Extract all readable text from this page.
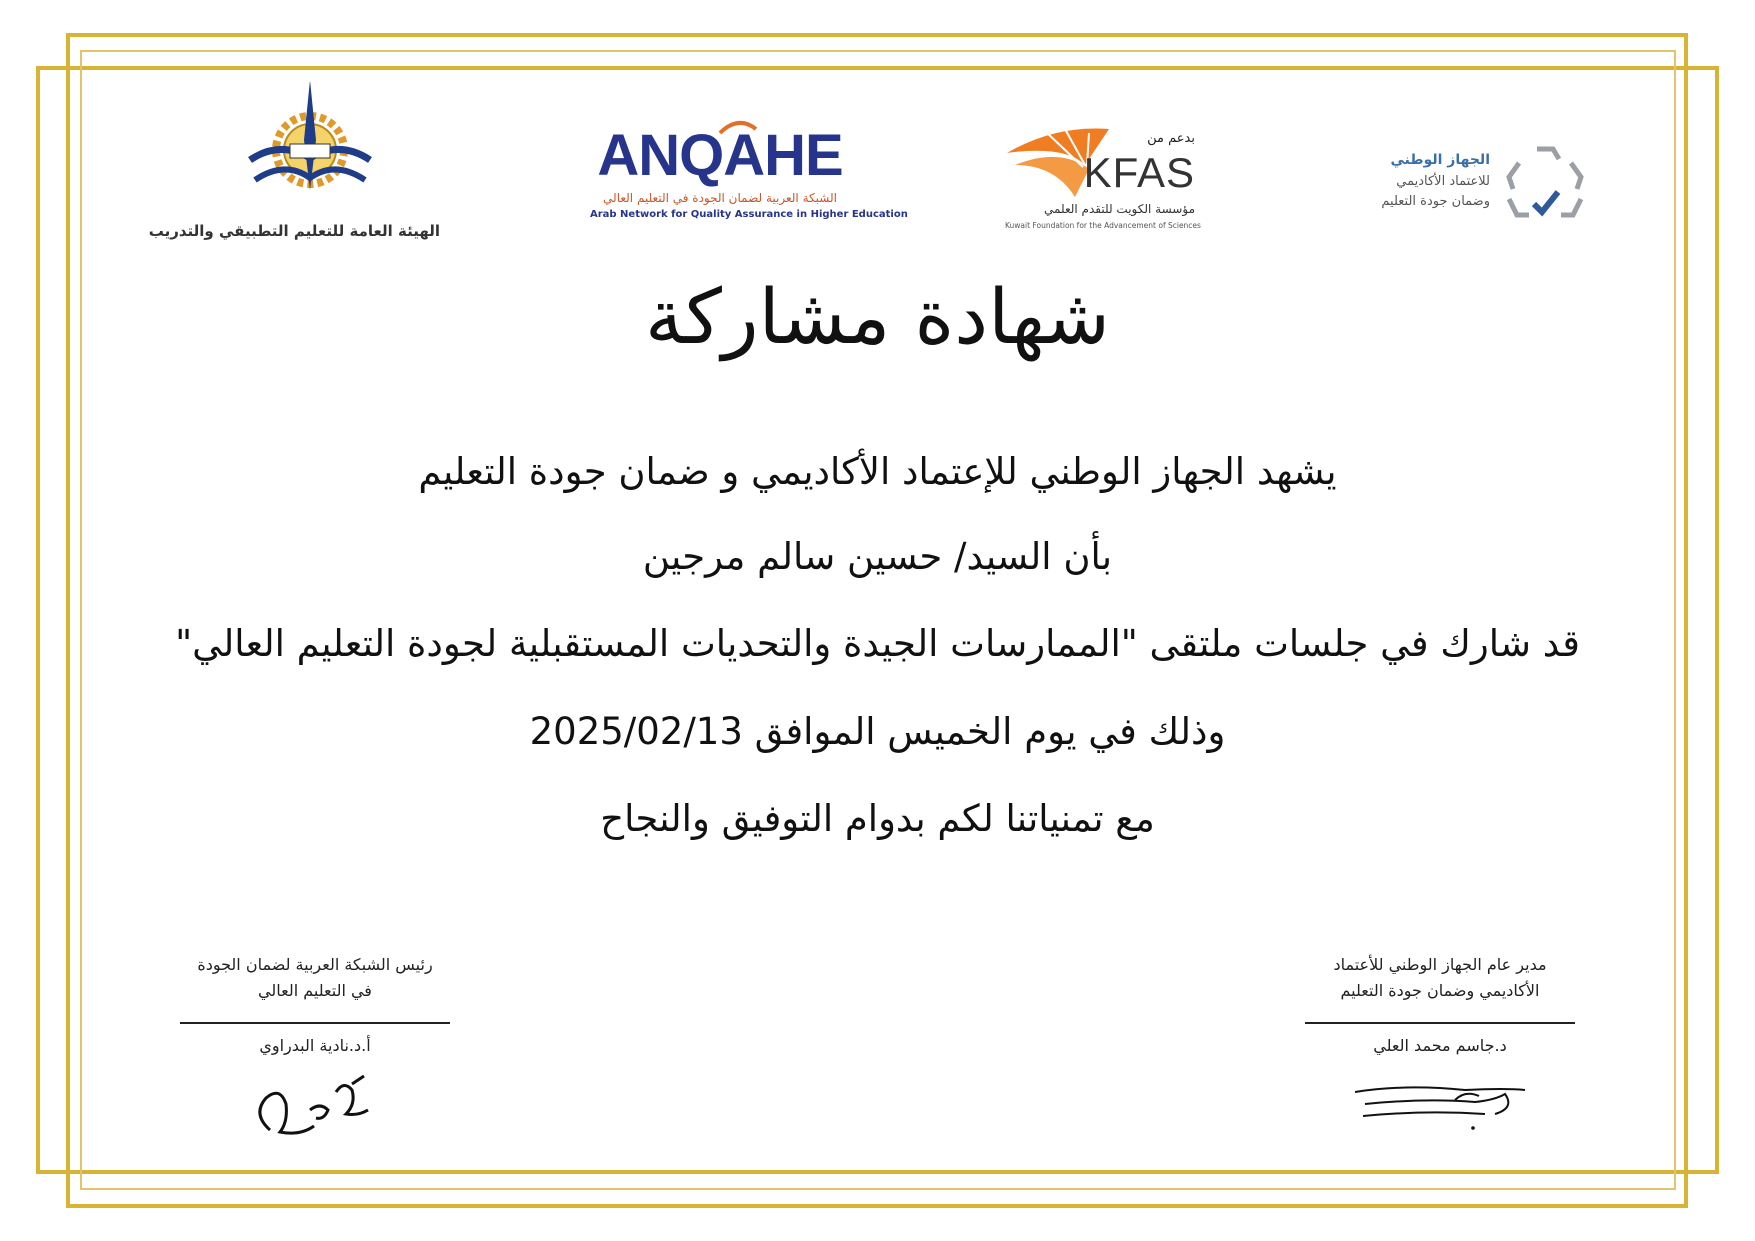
الهيئة العامة للتعليم التطبيقي والتدريب
ANQAHE
الشبكة العربية لضمان الجودة في التعليم العالي
Arab Network for Quality Assurance in Higher Education
بدعم من
KFAS
مؤسسة الكويت للتقدم العلمي
Kuwait Foundation for the Advancement of Sciences
الجهاز الوطني
للاعتماد الأكاديمي
وضمان جودة التعليم
شهادة مشاركة
يشهد الجهاز الوطني للإعتماد الأكاديمي و ضمان جودة التعليم
بأن السيد/ حسين سالم مرجين
قد شارك في جلسات ملتقى "الممارسات الجيدة والتحديات المستقبلية لجودة التعليم العالي"
وذلك في يوم الخميس الموافق 2025/02/13
مع تمنياتنا لكم بدوام التوفيق والنجاح
رئيس الشبكة العربية لضمان الجودة
في التعليم العالي
أ.د.نادية البدراوي
مدير عام الجهاز الوطني للأعتماد
الأكاديمي وضمان جودة التعليم
د.جاسم محمد العلي
